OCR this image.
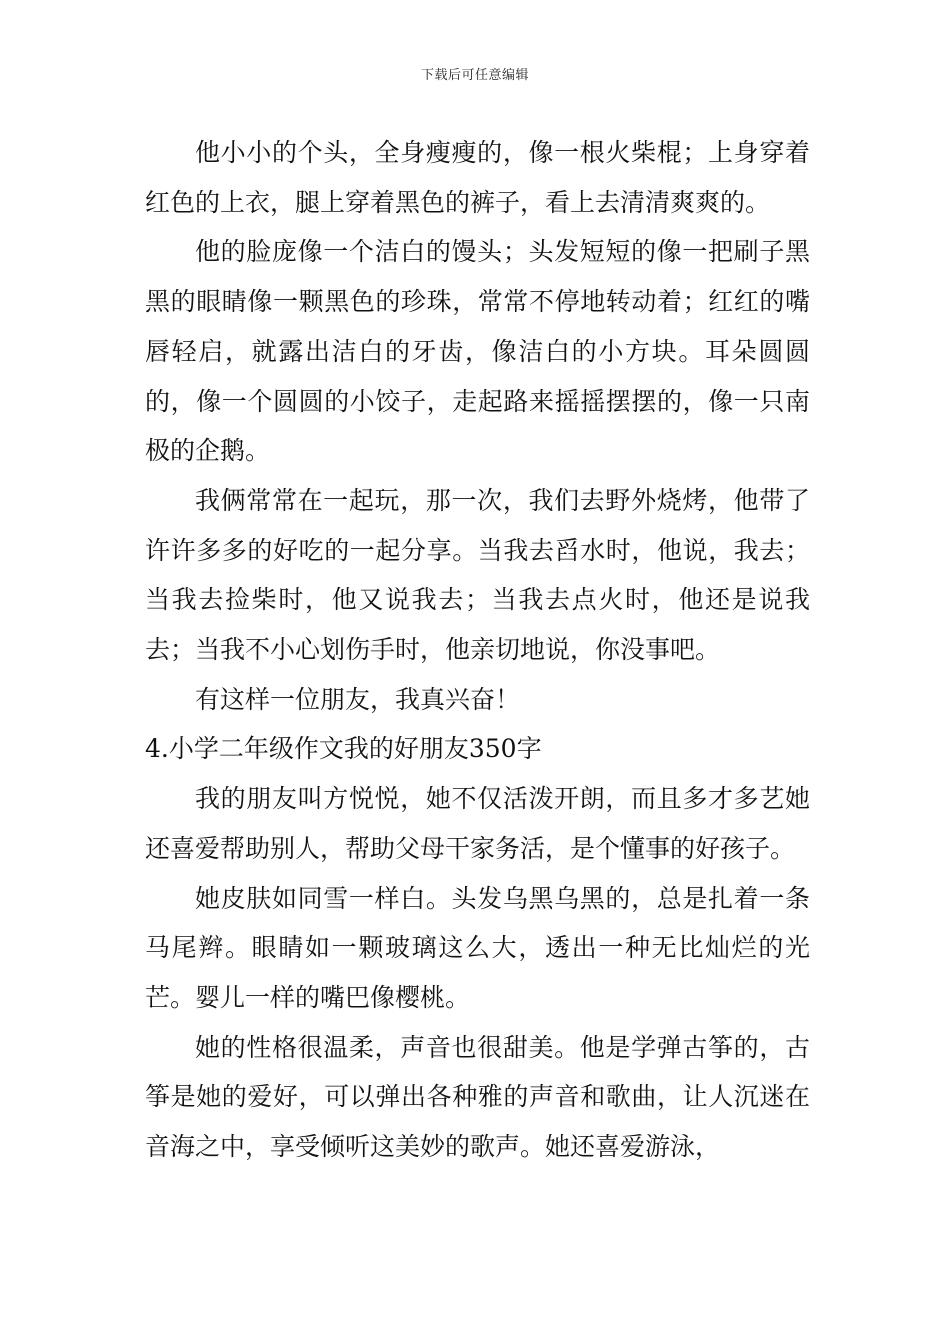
下载后可任意编辑

他小小的个头，全身瘦瘦的，像一根火柴棍；上身穿着红色的上衣，腿上穿着黑色的裤子，看上去清清爽爽的。

他的脸庞像一个洁白的馒头；头发短短的像一把刷子黑黑的眼睛像一颗黑色的珍珠，常常不停地转动着；红红的嘴唇轻启，就露出洁白的牙齿，像洁白的小方块。耳朵圆圆的，像一个圆圆的小饺子，走起路来摇摇摆摆的，像一只南极的企鹅。

我俩常常在一起玩，那一次，我们去野外烧烤，他带了许许多多的好吃的一起分享。当我去舀水时，他说，我去；当我去捡柴时，他又说我去；当我去点火时，他还是说我去；当我不小心划伤手时，他亲切地说，你没事吧。

有这样一位朋友，我真兴奋！

4.小学二年级作文我的好朋友350字

我的朋友叫方悦悦，她不仅活泼开朗，而且多才多艺她还喜爱帮助别人，帮助父母干家务活，是个懂事的好孩子。

她皮肤如同雪一样白。头发乌黑乌黑的，总是扎着一条马尾辫。眼睛如一颗玻璃这么大，透出一种无比灿烂的光芒。婴儿一样的嘴巴像樱桃。

她的性格很温柔，声音也很甜美。他是学弹古筝的，古筝是她的爱好，可以弹出各种雅的声音和歌曲，让人沉迷在音海之中，享受倾听这美妙的歌声。她还喜爱游泳，
